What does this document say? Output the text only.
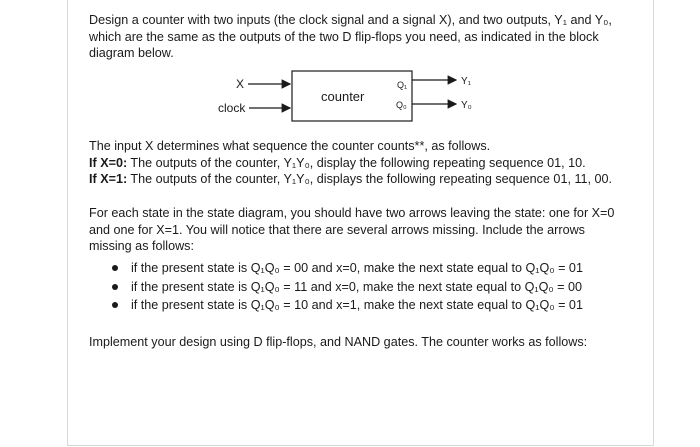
Design a counter with two inputs (the clock signal and a signal X), and two outputs, Y₁ and Y₀,
which are the same as the outputs of the two D flip-flops you need, as indicated in the block
diagram below.

X
clock
counter
Q₁
Q₀
Y₁
Y₀

The input X determines what sequence the counter counts**, as follows.
If X=0: The outputs of the counter, Y₁Y₀, display the following repeating sequence 01, 10.
If X=1: The outputs of the counter, Y₁Y₀, displays the following repeating sequence 01, 11, 00.

For each state in the state diagram, you should have two arrows leaving the state: one for X=0
and one for X=1. You will notice that there are several arrows missing. Include the arrows
missing as follows:

if the present state is Q₁Q₀ = 00 and x=0, make the next state equal to Q₁Q₀ = 01
if the present state is Q₁Q₀ = 11 and x=0, make the next state equal to Q₁Q₀ = 00
if the present state is Q₁Q₀ = 10 and x=1, make the next state equal to Q₁Q₀ = 01

Implement your design using D flip-flops, and NAND gates. The counter works as follows:
